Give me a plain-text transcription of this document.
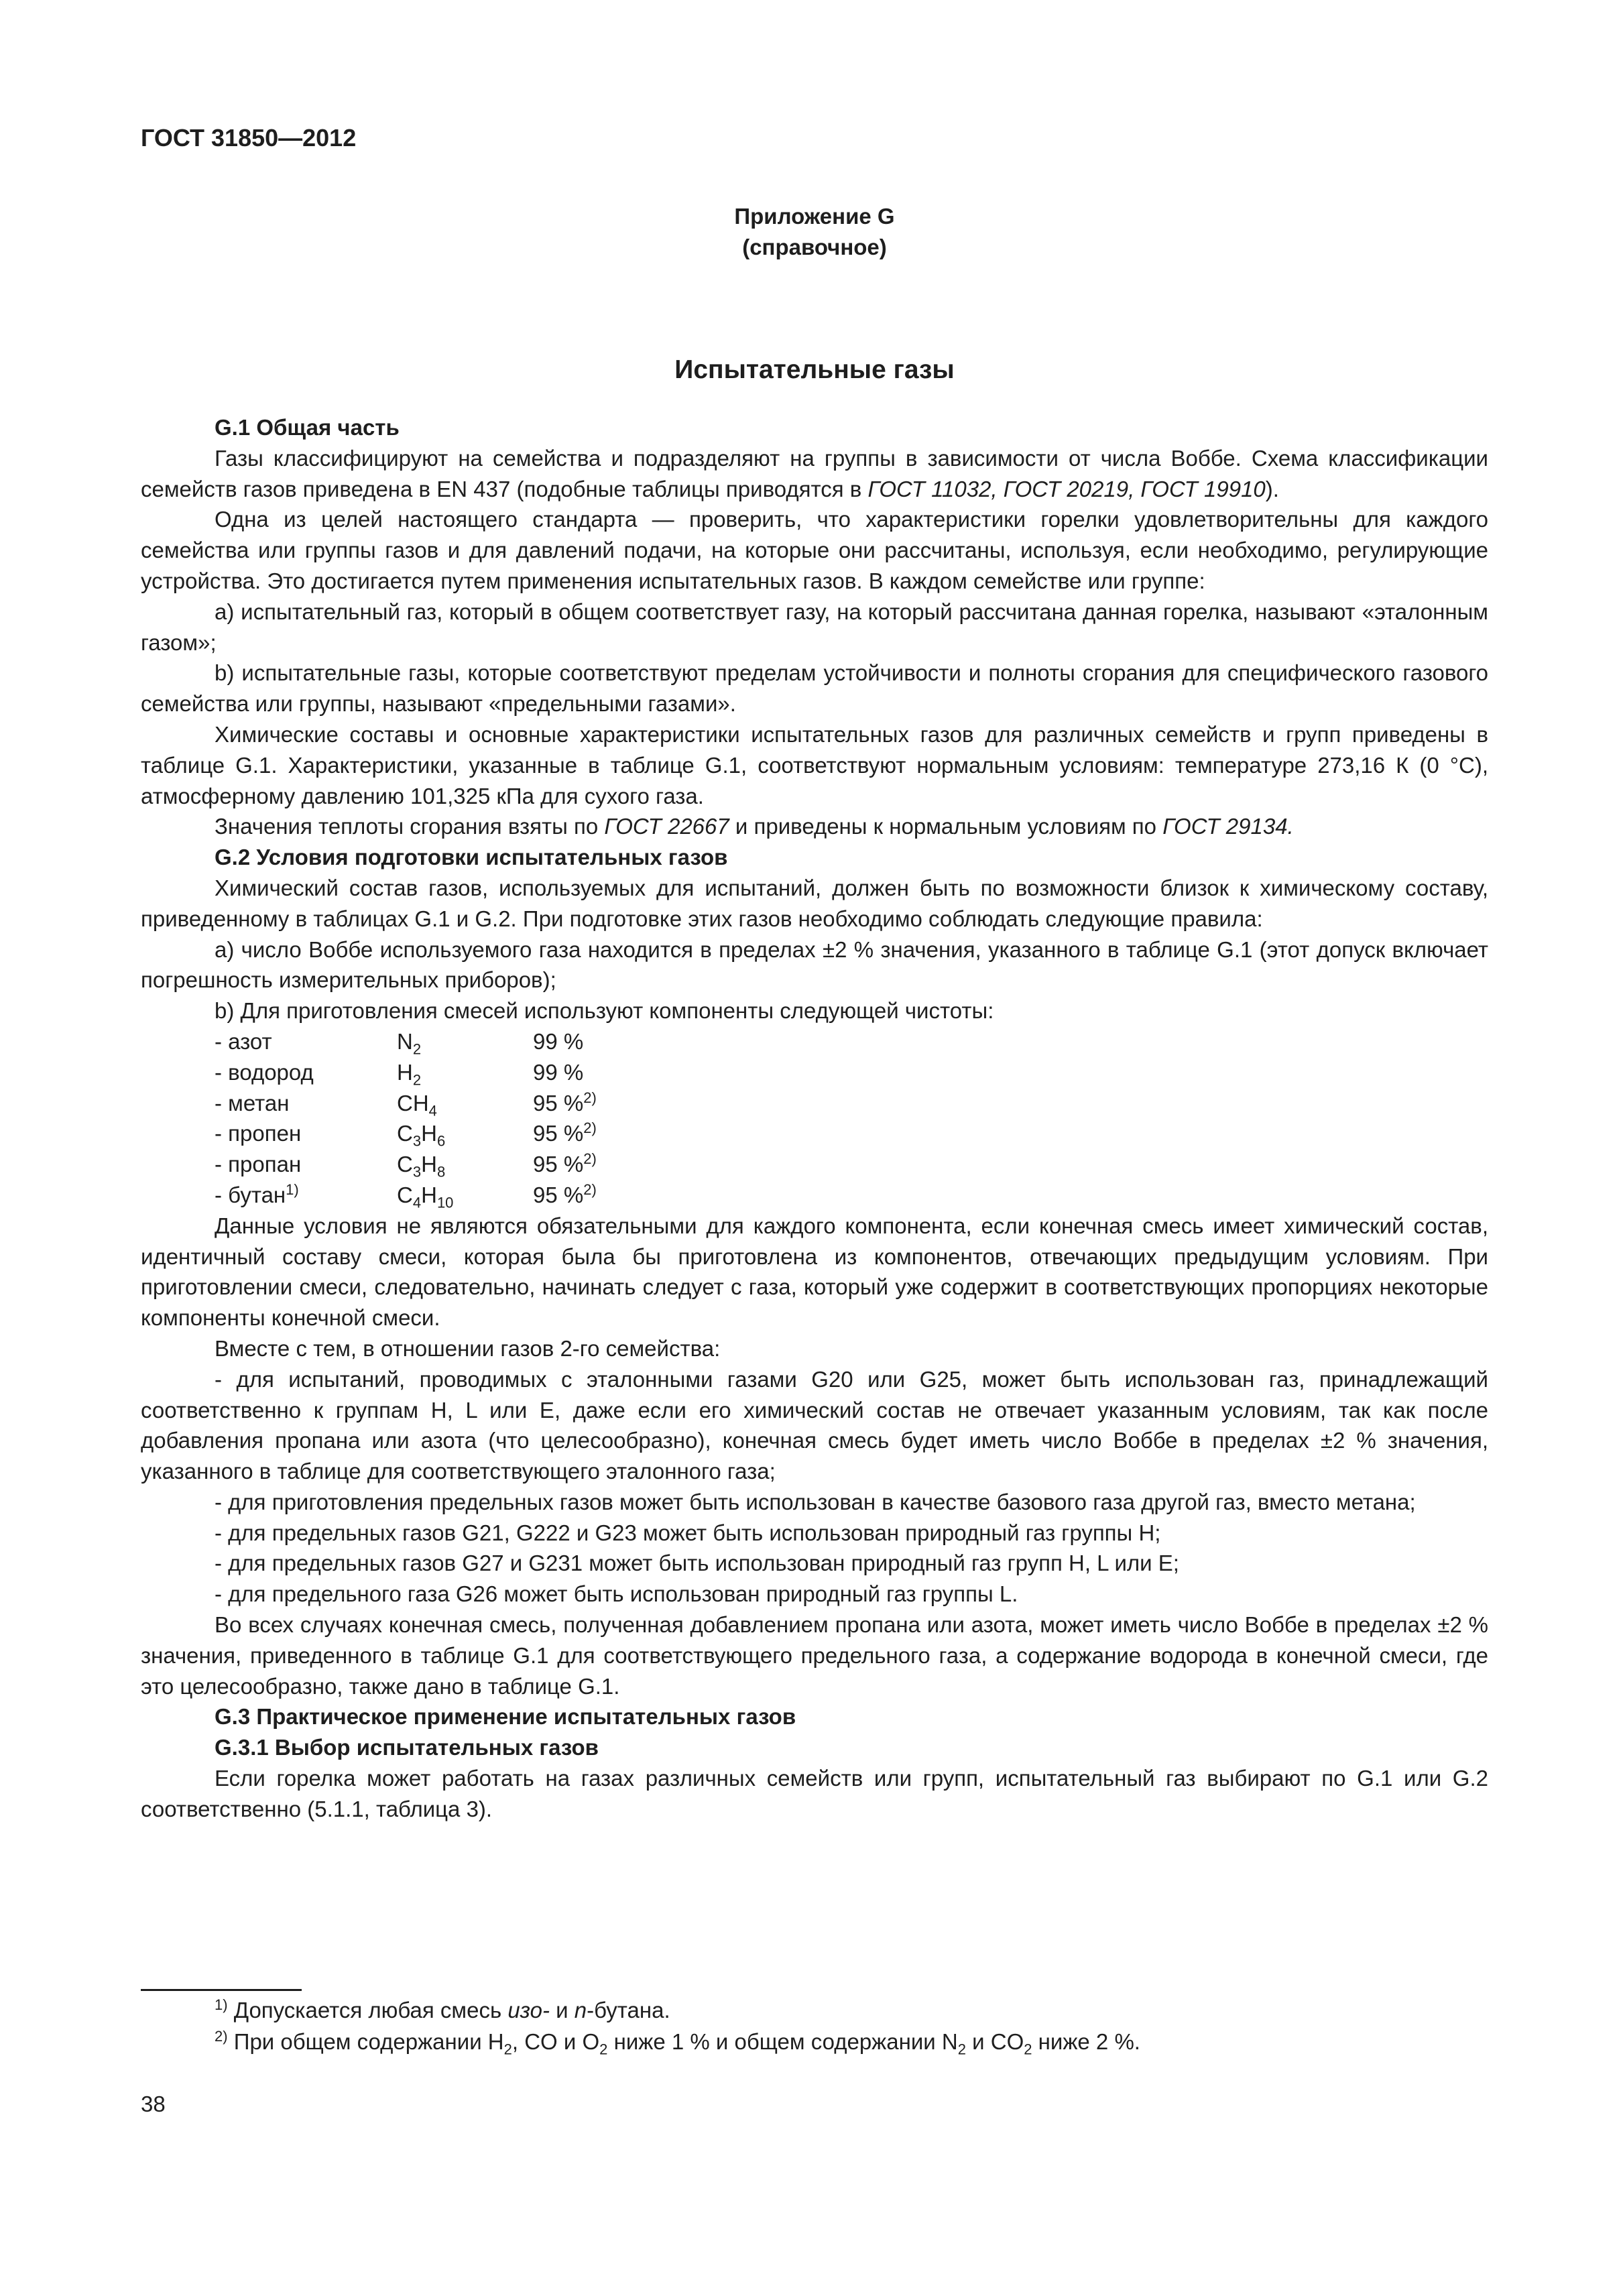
ГОСТ 31850—2012
Приложение G
(справочное)
Испытательные газы

G.1 Общая часть

Газы классифицируют на семейства и подразделяют на группы в зависимости от числа Воббе. Схема классификации семейств газов приведена в EN 437 (подобные таблицы приводятся в ГОСТ 11032, ГОСТ 20219, ГОСТ 19910).

Одна из целей настоящего стандарта — проверить, что характеристики горелки удовлетворительны для каждого семейства или группы газов и для давлений подачи, на которые они рассчитаны, используя, если необходимо, регулирующие устройства. Это достигается путем применения испытательных газов. В каждом семействе или группе:

a) испытательный газ, который в общем соответствует газу, на который рассчитана данная горелка, называют «эталонным газом»;

b) испытательные газы, которые соответствуют пределам устойчивости и полноты сгорания для специфического газового семейства или группы, называют «предельными газами».

Химические составы и основные характеристики испытательных газов для различных семейств и групп приведены в таблице G.1. Характеристики, указанные в таблице G.1, соответствуют нормальным условиям: температуре 273,16 К (0 °C), атмосферному давлению 101,325 кПа для сухого газа.

Значения теплоты сгорания взяты по ГОСТ 22667 и приведены к нормальным условиям по ГОСТ 29134.

G.2 Условия подготовки испытательных газов

Химический состав газов, используемых для испытаний, должен быть по возможности близок к химическому составу, приведенному в таблицах G.1 и G.2. При подготовке этих газов необходимо соблюдать следующие правила:

a) число Воббе используемого газа находится в пределах ±2 % значения, указанного в таблице G.1 (этот допуск включает погрешность измерительных приборов);

b) Для приготовления смесей используют компоненты следующей чистоты:

- азот	$N_2$	99 %
- водород	$H_2$	99 %
- метан	$CH_4$	95 %$^{2)}$
- пропен	$C_3H_6$	95 %$^{2)}$
- пропан	$C_3H_8$	95 %$^{2)}$
- бутан$^{1)}$	$C_4H_{10}$	95 %$^{2)}$

Данные условия не являются обязательными для каждого компонента, если конечная смесь имеет химический состав, идентичный составу смеси, которая была бы приготовлена из компонентов, отвечающих предыдущим условиям. При приготовлении смеси, следовательно, начинать следует с газа, который уже содержит в соответствующих пропорциях некоторые компоненты конечной смеси.

Вместе с тем, в отношении газов 2-го семейства:

- для испытаний, проводимых с эталонными газами G20 или G25, может быть использован газ, принадлежащий соответственно к группам H, L или E, даже если его химический состав не отвечает указанным условиям, так как после добавления пропана или азота (что целесообразно), конечная смесь будет иметь число Воббе в пределах ±2 % значения, указанного в таблице для соответствующего эталонного газа;

- для приготовления предельных газов может быть использован в качестве базового газа другой газ, вместо метана;

- для предельных газов G21, G222 и G23 может быть использован природный газ группы H;

- для предельных газов G27 и G231 может быть использован природный газ групп H, L или E;

- для предельного газа G26 может быть использован природный газ группы L.

Во всех случаях конечная смесь, полученная добавлением пропана или азота, может иметь число Воббе в пределах ±2 % значения, приведенного в таблице G.1 для соответствующего предельного газа, а содержание водорода в конечной смеси, где это целесообразно, также дано в таблице G.1.

G.3 Практическое применение испытательных газов

G.3.1 Выбор испытательных газов

Если горелка может работать на газах различных семейств или групп, испытательный газ выбирают по G.1 или G.2 соответственно (5.1.1, таблица 3).

$^{1)}$ Допускается любая смесь изо- и n-бутана.
$^{2)}$ При общем содержании $H_2$, CO и $O_2$ ниже 1 % и общем содержании $N_2$ и $CO_2$ ниже 2 %.
38
